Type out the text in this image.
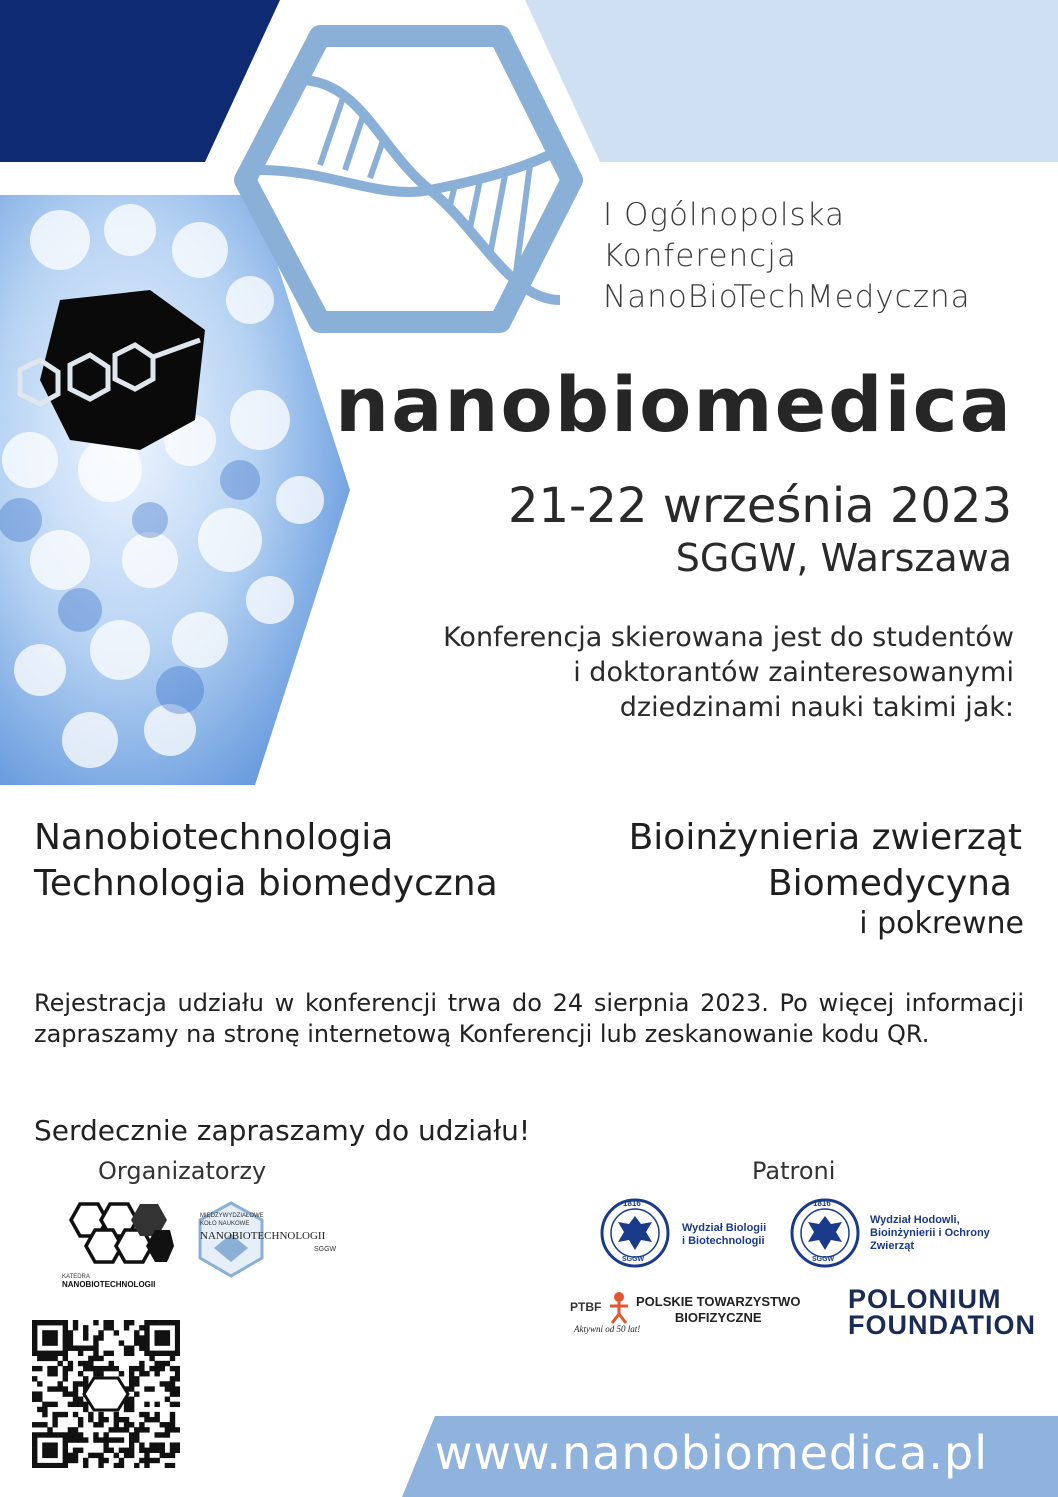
I Ogólnopolska
Konferencja
NanoBioTechMedyczna
nanobiomedica
21-22 września 2023
SGGW, Warszawa
Konferencja skierowana jest do studentów
i doktorantów zainteresowanymi
dziedzinami nauki takimi jak:
Nanobiotechnologia
Technologia biomedyczna
Bioinżynieria zwierząt
Biomedycyna
i pokrewne
Rejestracja udziału w konferencji trwa do 24 sierpnia 2023. Po więcej informacji zapraszamy na stronę internetową Konferencji lub zeskanowanie kodu QR.
Serdecznie zapraszamy do udziału!
Organizatorzy
KATEDRA
NANOBIOTECHNOLOGII
MIĘDZYWYDZIAŁOWE
KOŁO NAUKOWE
NANOBIOTECHNOLOGII
SGGW
Patroni
1816
SGGW
Wydział Biologii
i Biotechnologii
1816
SGGW
Wydział Hodowli,
Bioinżynierii i Ochrony
Zwierząt
PTBF
Aktywni od 50 lat!
POLSKIE TOWARZYSTWO
BIOFIZYCZNE
POLONIUM
FOUNDATION
www.nanobiomedica.pl
